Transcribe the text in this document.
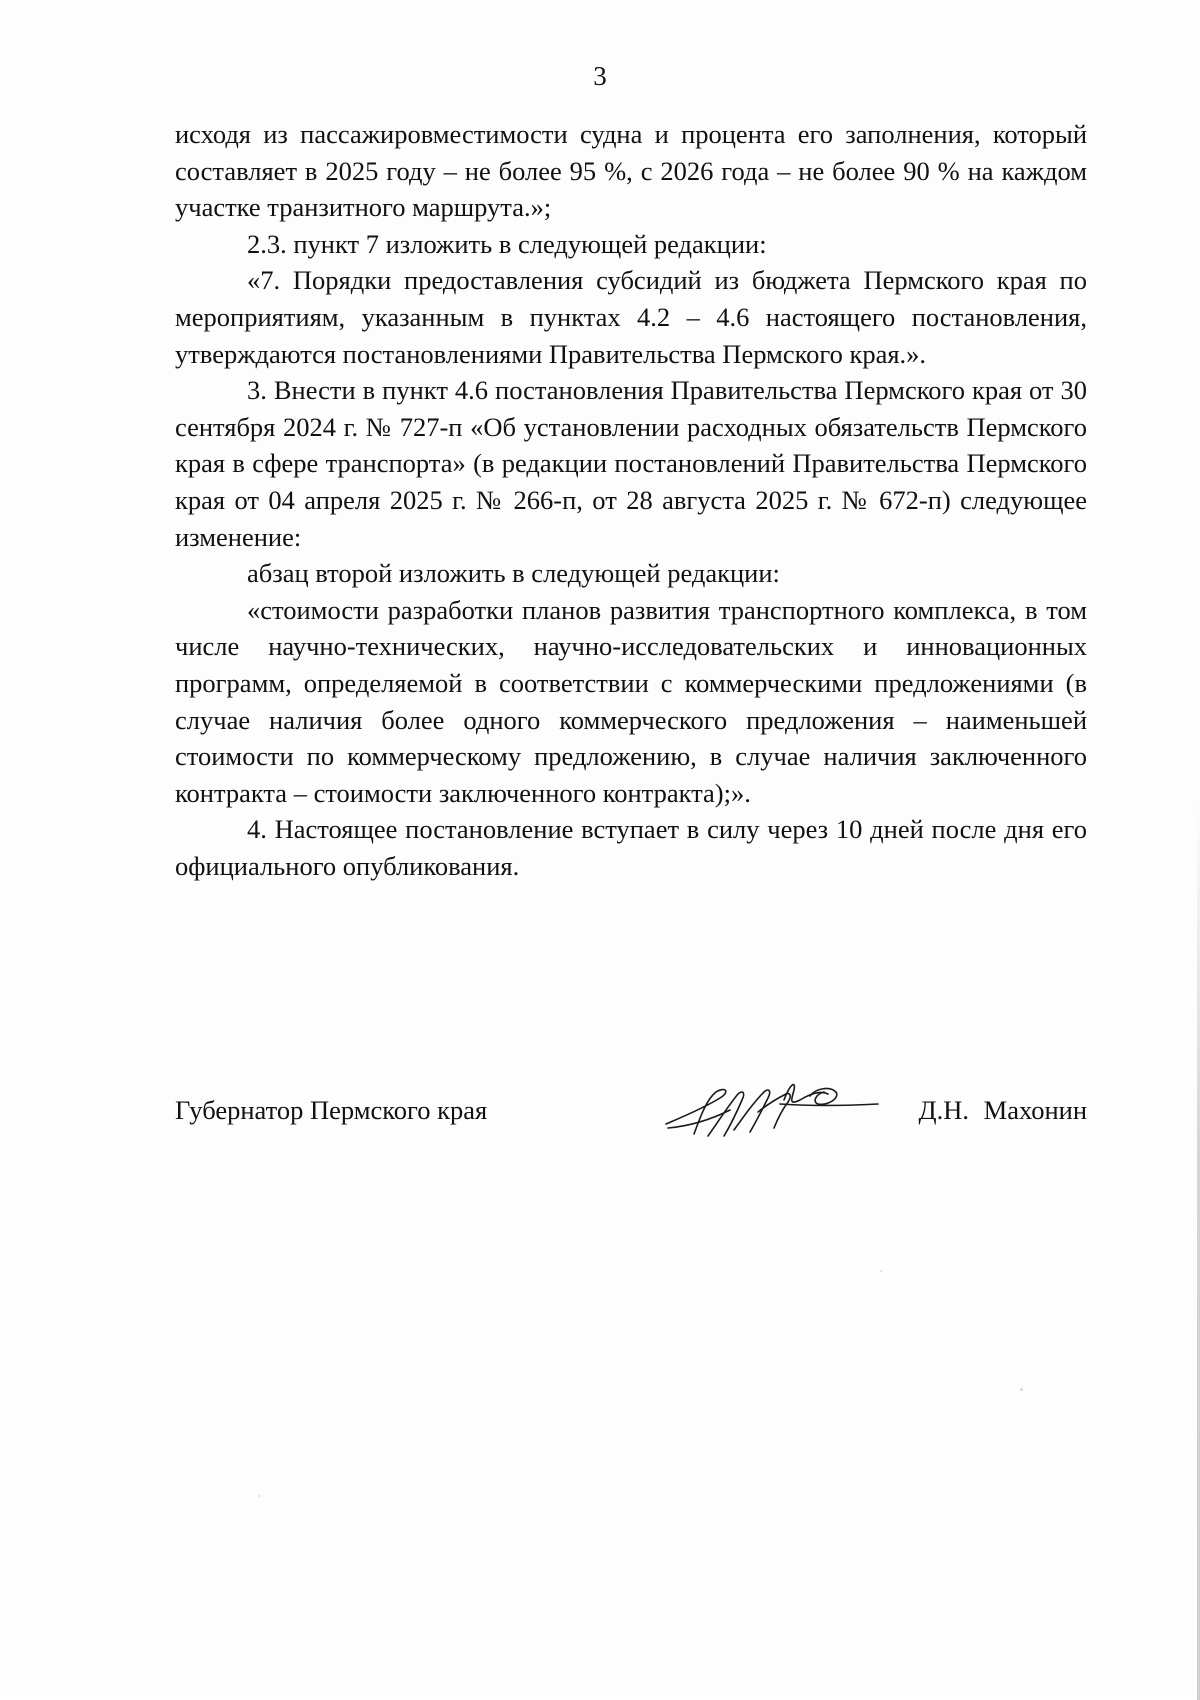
3

исходя из пассажировместимости судна и процента его заполнения, который составляет в 2025 году – не более 95 %, с 2026 года – не более 90 % на каждом участке транзитного маршрута.»;

2.3. пункт 7 изложить в следующей редакции:

«7. Порядки предоставления субсидий из бюджета Пермского края по мероприятиям, указанным в пунктах 4.2 – 4.6 настоящего постановления, утверждаются постановлениями Правительства Пермского края.».

3. Внести в пункт 4.6 постановления Правительства Пермского края от 30 сентября 2024 г. № 727-п «Об установлении расходных обязательств Пермского края в сфере транспорта» (в редакции постановлений Правительства Пермского края от 04 апреля 2025 г. № 266-п, от 28 августа 2025 г. № 672-п) следующее изменение:

абзац второй изложить в следующей редакции:

«стоимости разработки планов развития транспортного комплекса, в том числе научно-технических, научно-исследовательских и инновационных программ, определяемой в соответствии с коммерческими предложениями (в случае наличия более одного коммерческого предложения – наименьшей стоимости по коммерческому предложению, в случае наличия заключенного контракта – стоимости заключенного контракта);».

4. Настоящее постановление вступает в силу через 10 дней после дня его официального опубликования.

Губернатор Пермского края	Д.Н. Махонин
